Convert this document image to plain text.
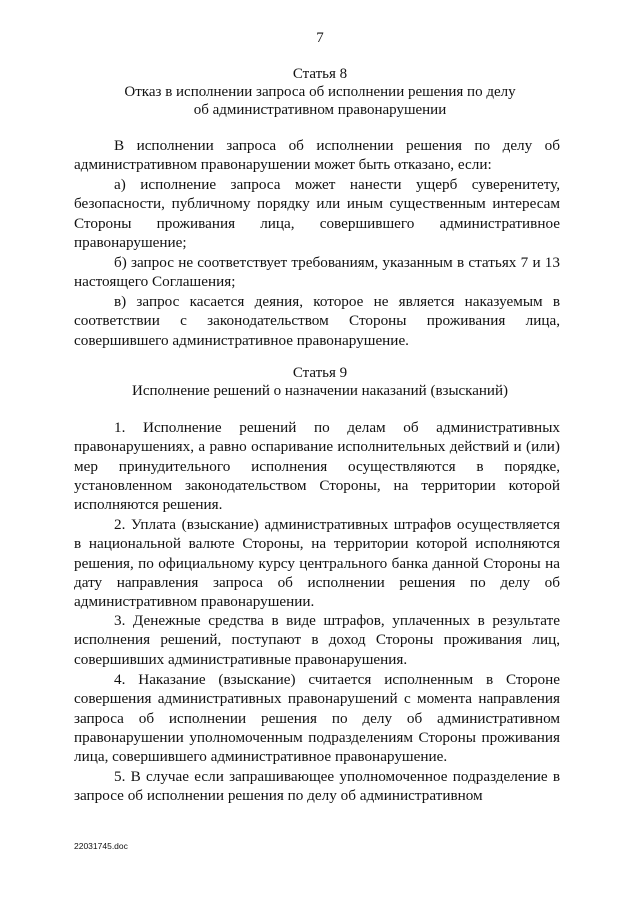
7
Статья 8
Отказ в исполнении запроса об исполнении решения по делу
об административном правонарушении
В исполнении запроса об исполнении решения по делу об административном правонарушении может быть отказано, если:
а) исполнение запроса может нанести ущерб суверенитету, безопасности, публичному порядку или иным существенным интересам Стороны проживания лица, совершившего административное правонарушение;
б) запрос не соответствует требованиям, указанным в статьях 7 и 13 настоящего Соглашения;
в) запрос касается деяния, которое не является наказуемым в соответствии с законодательством Стороны проживания лица, совершившего административное правонарушение.
Статья 9
Исполнение решений о назначении наказаний (взысканий)
1. Исполнение решений по делам об административных правонарушениях, а равно оспаривание исполнительных действий и (или) мер принудительного исполнения осуществляются в порядке, установленном законодательством Стороны, на территории которой исполняются решения.
2. Уплата (взыскание) административных штрафов осуществляется в национальной валюте Стороны, на территории которой исполняются решения, по официальному курсу центрального банка данной Стороны на дату направления запроса об исполнении решения по делу об административном правонарушении.
3. Денежные средства в виде штрафов, уплаченных в результате исполнения решений, поступают в доход Стороны проживания лиц, совершивших административные правонарушения.
4. Наказание (взыскание) считается исполненным в Стороне совершения административных правонарушений с момента направления запроса об исполнении решения по делу об административном правонарушении уполномоченным подразделениям Стороны проживания лица, совершившего административное правонарушение.
5. В случае если запрашивающее уполномоченное подразделение в запросе об исполнении решения по делу об административном
22031745.doc
